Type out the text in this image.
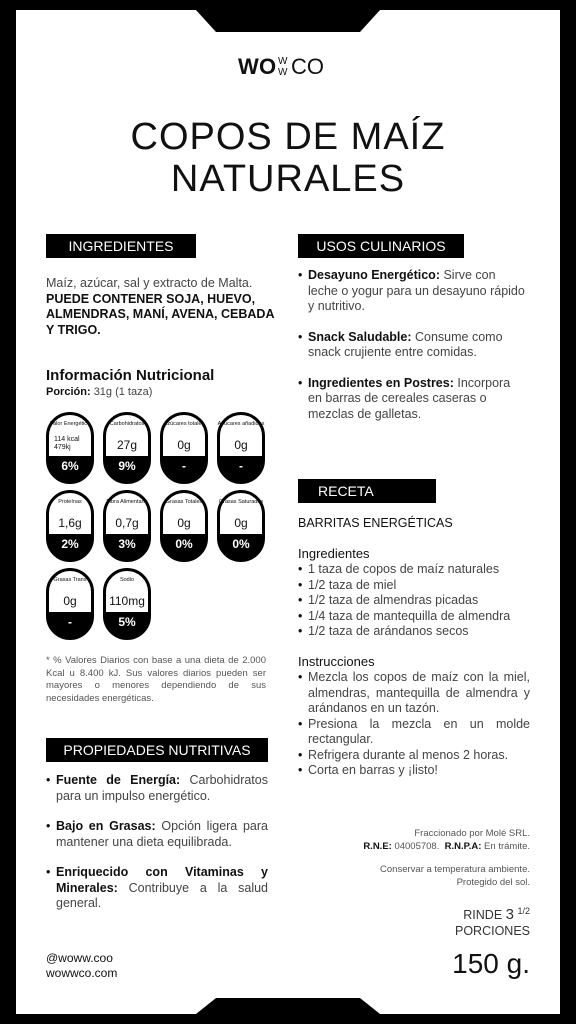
W O W
W CO
COPOS DE MAÍZ
NATURALES
INGREDIENTES
Maíz, azúcar, sal y extracto de Malta.
PUEDE CONTENER SOJA, HUEVO, ALMENDRAS, MANÍ, AVENA, CEBADA Y TRIGO.
Información Nutricional
Porción: 31g (1 taza)
Valor Energético
114 kcal 479kj
6%
Carbohidratos
27g
9%
Azúcares totales
0g
-
Azúcares añadidos
0g
-
Proteínas
1,6g
2%
Fibra Alimentaria
0,7g
3%
Grasas Totales
0g
0%
Grasas Saturadas
0g
0%
Grasas Trans
0g
-
Sodio
110mg
5%
* % Valores Diarios con base a una dieta de 2.000 Kcal u 8.400 kJ. Sus valores diarios pueden ser mayores o menores dependiendo de sus necesidades energéticas.
PROPIEDADES NUTRITIVAS
• Fuente de Energía: Carbohidratos para un impulso energético.
• Bajo en Grasas: Opción ligera para mantener una dieta equilibrada.
• Enriquecido con Vitaminas y Minerales: Contribuye a la salud general.
@woww.coo
wowwco.com
USOS CULINARIOS
• Desayuno Energético: Sirve con leche o yogur para un desayuno rápido y nutritivo.
• Snack Saludable: Consume como snack crujiente entre comidas.
• Ingredientes en Postres: Incorpora en barras de cereales caseras o mezclas de galletas.
RECETA
BARRITAS ENERGÉTICAS
Ingredientes
• 1 taza de copos de maíz naturales
• 1/2 taza de miel
• 1/2 taza de almendras picadas
• 1/4 taza de mantequilla de almendra
• 1/2 taza de arándanos secos
Instrucciones
• Mezcla los copos de maíz con la miel, almendras, mantequilla de almendra y arándanos en un tazón.
• Presiona la mezcla en un molde rectangular.
• Refrigera durante al menos 2 horas.
• Corta en barras y ¡listo!
Fraccionado por Molé SRL.
R.N.E: 04005708. R.N.P.A: En trámite.
Conservar a temperatura ambiente.
Protegido del sol.
RINDE 3 $^{1/2}$
PORCIONES
150 g.
